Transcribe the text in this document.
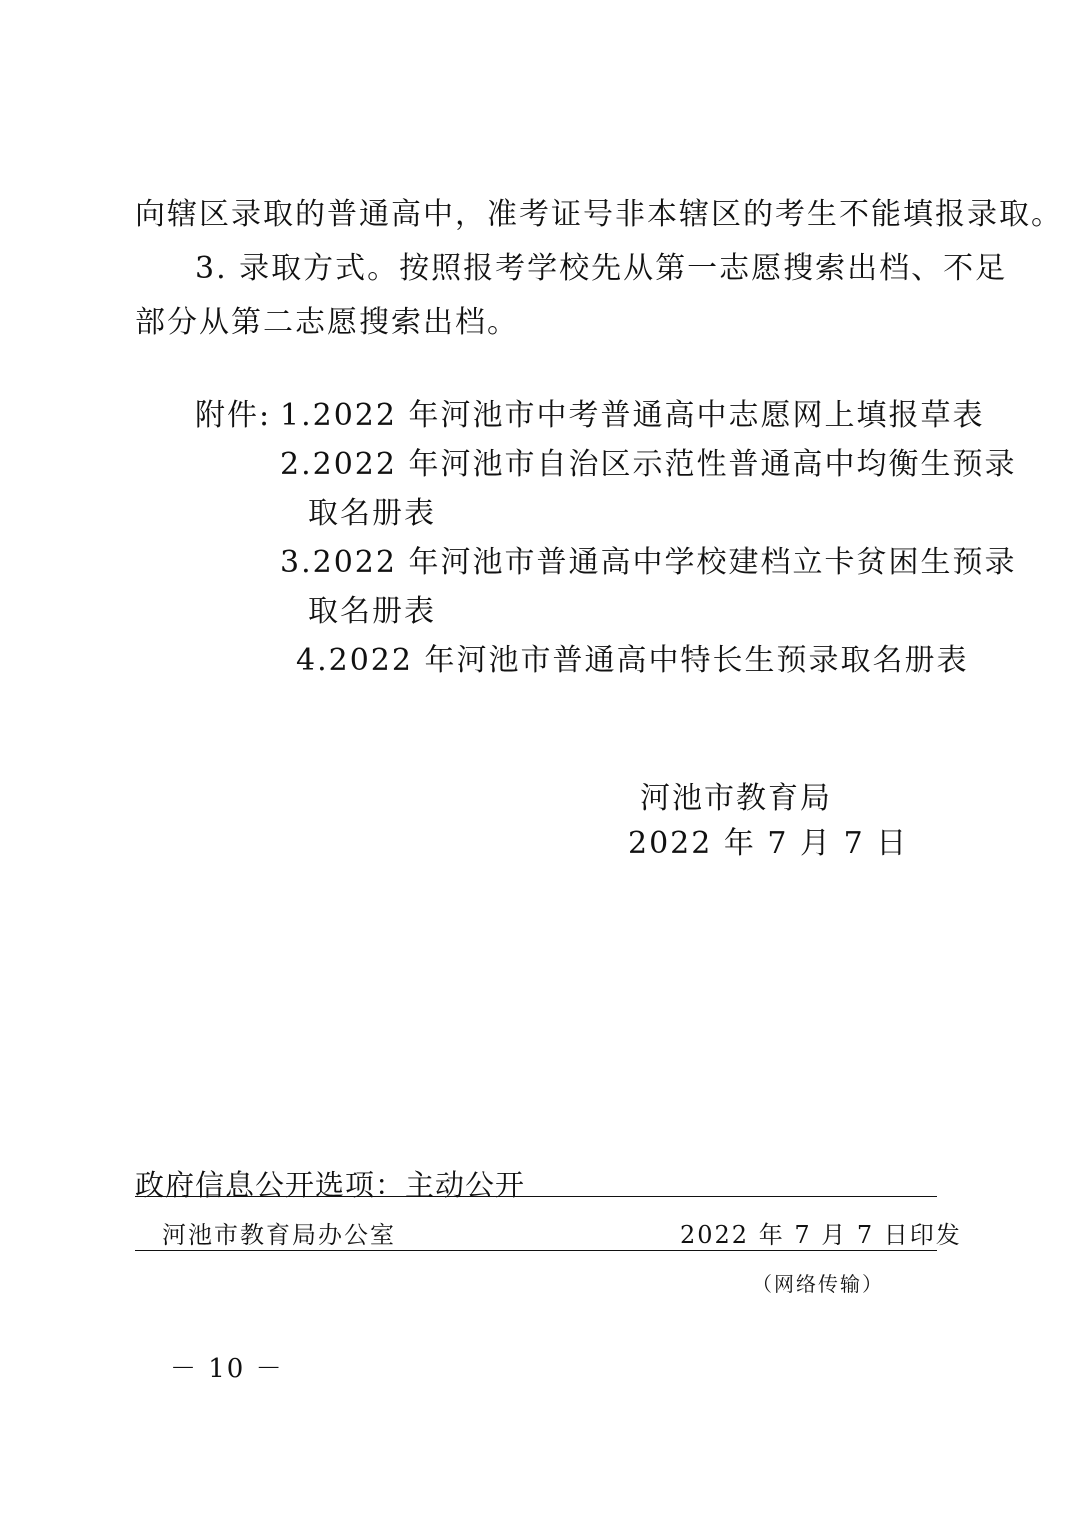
向辖区录取的普通高中，准考证号非本辖区的考生不能填报录取。
3. 录取方式。按照报考学校先从第一志愿搜索出档、不足
部分从第二志愿搜索出档。
附件: 1.2022 年河池市中考普通高中志愿网上填报草表
2.2022 年河池市自治区示范性普通高中均衡生预录
取名册表
3.2022 年河池市普通高中学校建档立卡贫困生预录
取名册表
4.2022 年河池市普通高中特长生预录取名册表
河池市教育局
2022 年 7 月 7 日
政府信息公开选项：主动公开
河池市教育局办公室	2022 年 7 月 7 日印发
（网络传输）
－ 10 －
